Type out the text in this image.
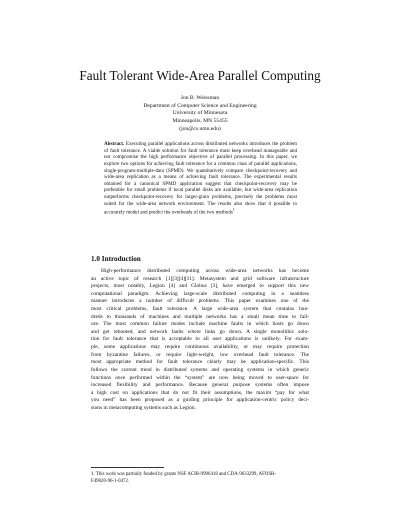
Fault Tolerant Wide-Area Parallel Computing
Jon B. Weissman
Department of Computer Science and Engineering
University of Minnesota
Minneapolis, MN 55455
(jon@cs.umn.edu)
Abstract. Executing parallel applications across distributed networks introduces the problem of fault tolerance. A viable solution for fault tolerance must keep overhead manageable and not compromise the high performance objective of parallel processing. In this paper, we explore two options for achieving fault tolerance for a common class of parallel applications, single-program-multiple-data (SPMD). We quantitatively compare checkpoint-recovery and wide-area replication as a means of achieving fault tolerance. The experimental results obtained for a canonical SPMD application suggest that checkpoint-recovery may be preferable for small problems if local parallel disks are available, but wide-area replication outperforms checkpoint-recovery for larger-grain problems, precisely the problems most suited for the wide-area network environment. The results also show that it possible to accurately model and predict the overheads of the two methods$^1$
1.0 Introduction
High-performance distributed computing across wide-area networks has become
an active topic of research [1][3][4][11]. Metasystem and grid software infrastructure
projects, most notably, Legion [4] and Globus [3], have emerged to support this new
computational paradigm. Achieving large-scale distributed computing in a seamless
manner introduces a number of difficult problems. This paper examines one of the
most critical problems, fault tolerance. A large wide-area system that contains hun-
dreds to thousands of machines and multiple networks has a small mean time to fail-
ure. The most common failure modes include machine faults in which hosts go down
and get rebooted, and network faults where links go down. A single monolithic solu-
tion for fault tolerance that is acceptable to all user applications is unlikely. For exam-
ple, some applications may require continuous availability, or may require protection
from byzantine failures, or require light-weight, low overhead fault tolerance. The
most appropriate method for fault tolerance clearly may be application-specific. This
follows the current trend in distributed systems and operating systems in which generic
functions once performed within the “system” are now being moved to user-space for
increased flexibility and performance. Because general purpose systems often impose
a high cost on applications that do not fit their assumptions, the maxim “pay for what
you need” has been proposed as a guiding principle for application-centric policy deci-
sions in metacomputing systems such as Legion.
1. This work was partially funded by grants NSF ACIR-9996418 and CDA-9633299, AFOSR-
F49620-96-1-0472.
